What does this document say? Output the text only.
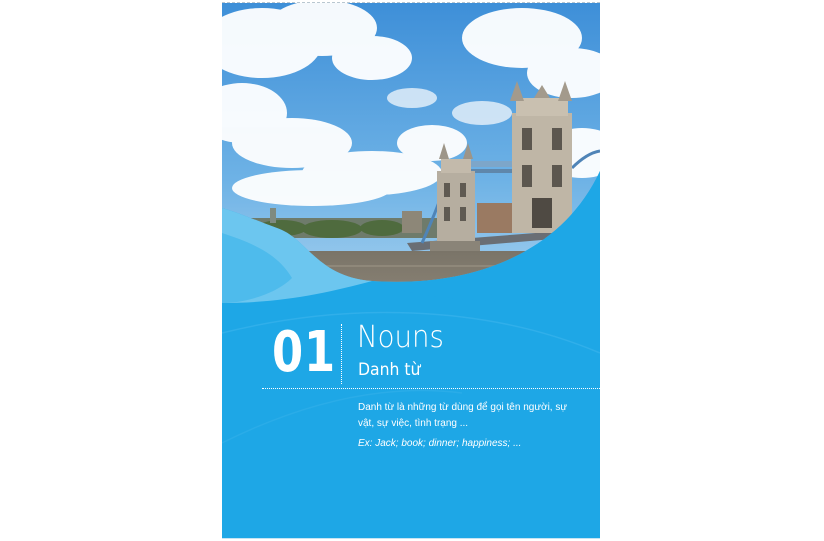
01 Nouns
Danh từ
Danh từ là những từ dùng để gọi tên người, sự vật, sự việc, tình trạng ...
Ex: Jack; book; dinner; happiness; ...
